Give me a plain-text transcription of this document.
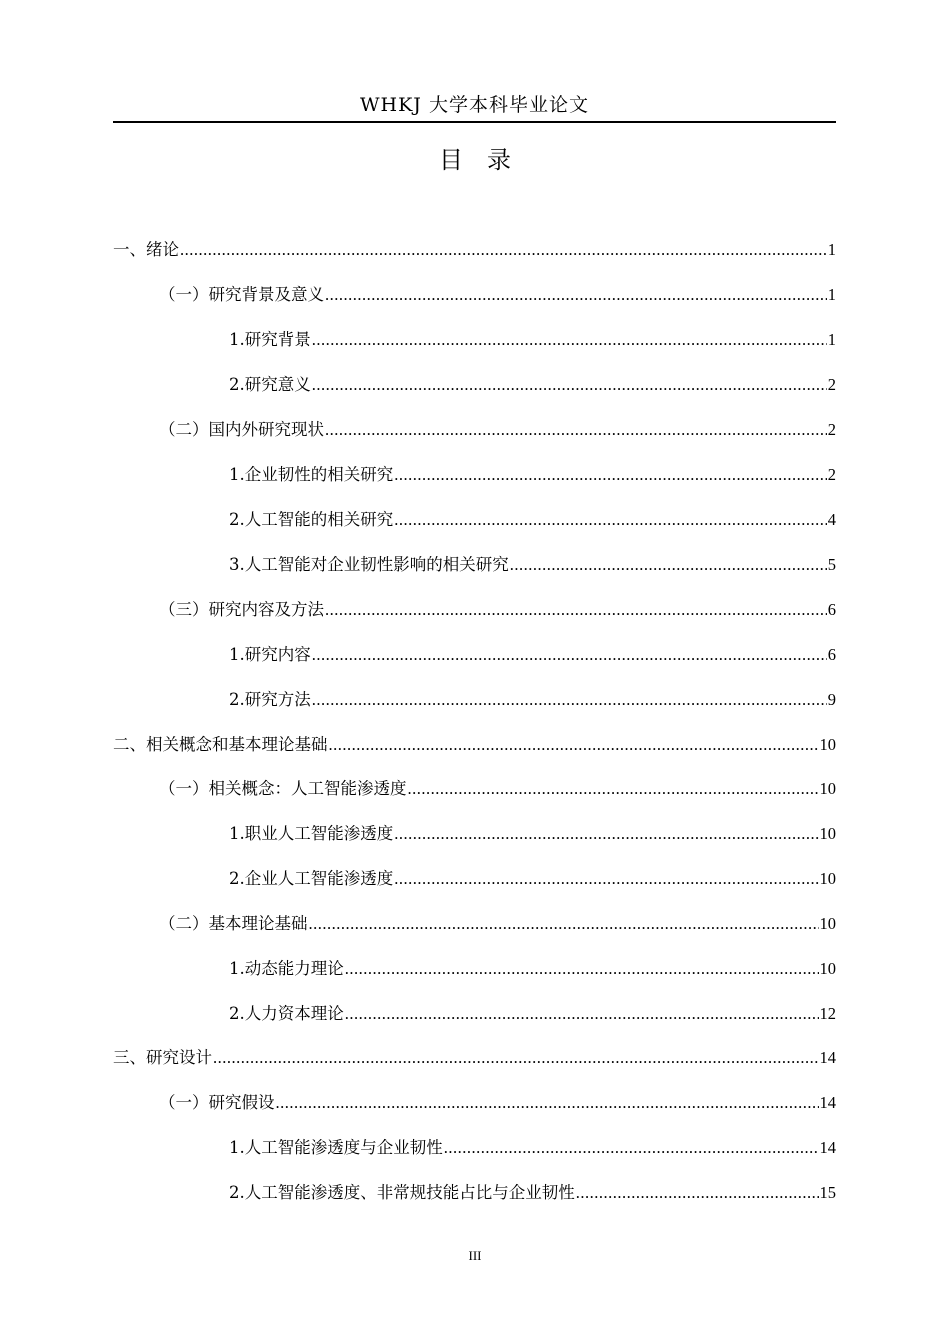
WHKJ 大学本科毕业论文
目录
一、 绪论 .....	1
（一） 研究背景及意义 .....	1
1. 研究背景 .....	1
2. 研究意义 .....	2
（二） 国内外研究现状 .....	2
1. 企业韧性的相关研究 .....	2
2. 人工智能的相关研究 .....	4
3. 人工智能对企业韧性影响的相关研究 .....	5
（三） 研究内容及方法 .....	6
1. 研究内容 .....	6
2. 研究方法 .....	9
二、 相关概念和基本理论基础 .....	10
（一） 相关概念：人工智能渗透度 .....	10
1. 职业人工智能渗透度 .....	10
2. 企业人工智能渗透度 .....	10
（二） 基本理论基础 .....	10
1. 动态能力理论 .....	10
2. 人力资本理论 .....	12
三、 研究设计 .....	14
（一） 研究假设 .....	14
1. 人工智能渗透度与企业韧性 .....	14
2. 人工智能渗透度、非常规技能占比与企业韧性 .....	15
III
